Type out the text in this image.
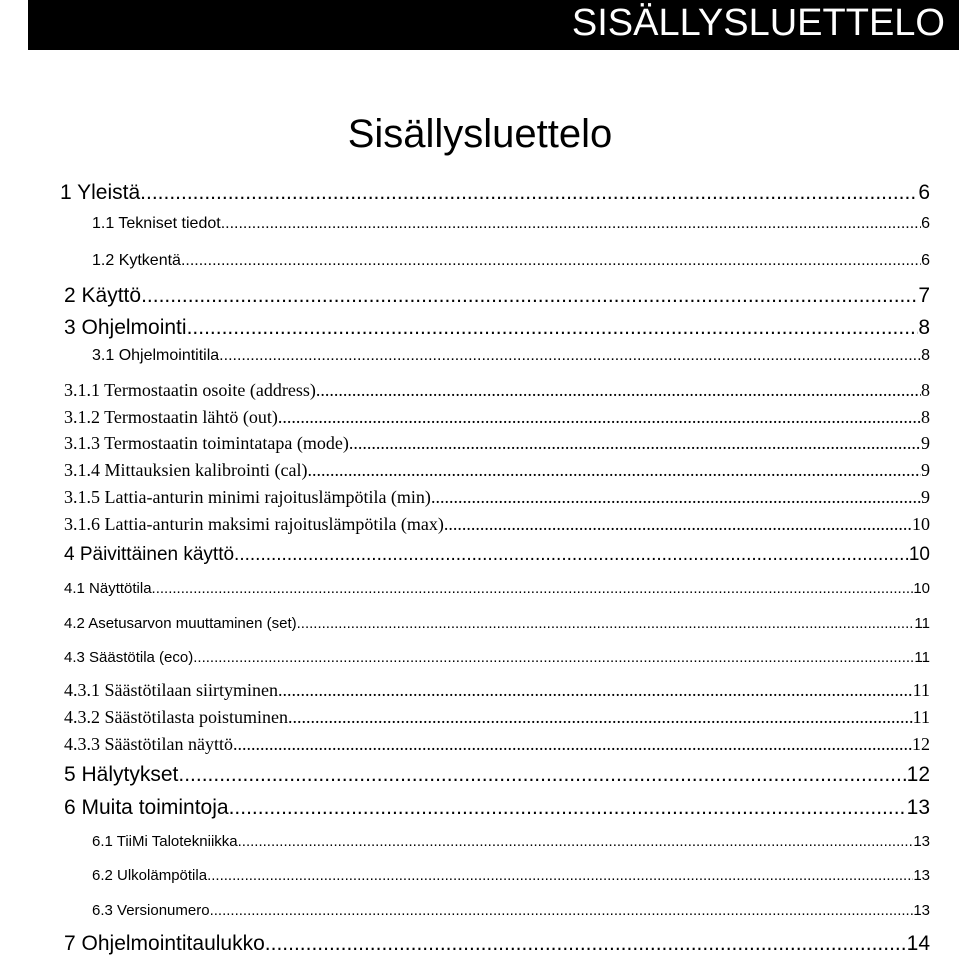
SISÄLLYSLUETTELO
Sisällysluettelo
1 Yleistä .....	6
1.1 Tekniset tiedot .....	6
1.2 Kytkentä .....	6
2 Käyttö .....	7
3 Ohjelmointi .....	8
3.1 Ohjelmointitila .....	8
3.1.1 Termostaatin osoite (address) .....	8
3.1.2 Termostaatin lähtö (out) .....	8
3.1.3 Termostaatin toimintatapa (mode) .....	9
3.1.4 Mittauksien kalibrointi (cal) .....	9
3.1.5 Lattia-anturin minimi rajoituslämpötila (min) .....	9
3.1.6 Lattia-anturin maksimi rajoituslämpötila (max) .....	10
4 Päivittäinen käyttö .....	10
4.1 Näyttötila .....	10
4.2 Asetusarvon muuttaminen (set) .....	11
4.3 Säästötila (eco) .....	11
4.3.1 Säästötilaan siirtyminen .....	11
4.3.2 Säästötilasta poistuminen .....	11
4.3.3 Säästötilan näyttö .....	12
5 Hälytykset .....	12
6 Muita toimintoja .....	13
6.1 TiiMi Talotekniikka .....	13
6.2 Ulkolämpötila .....	13
6.3 Versionumero .....	13
7 Ohjelmointitaulukko .....	14
